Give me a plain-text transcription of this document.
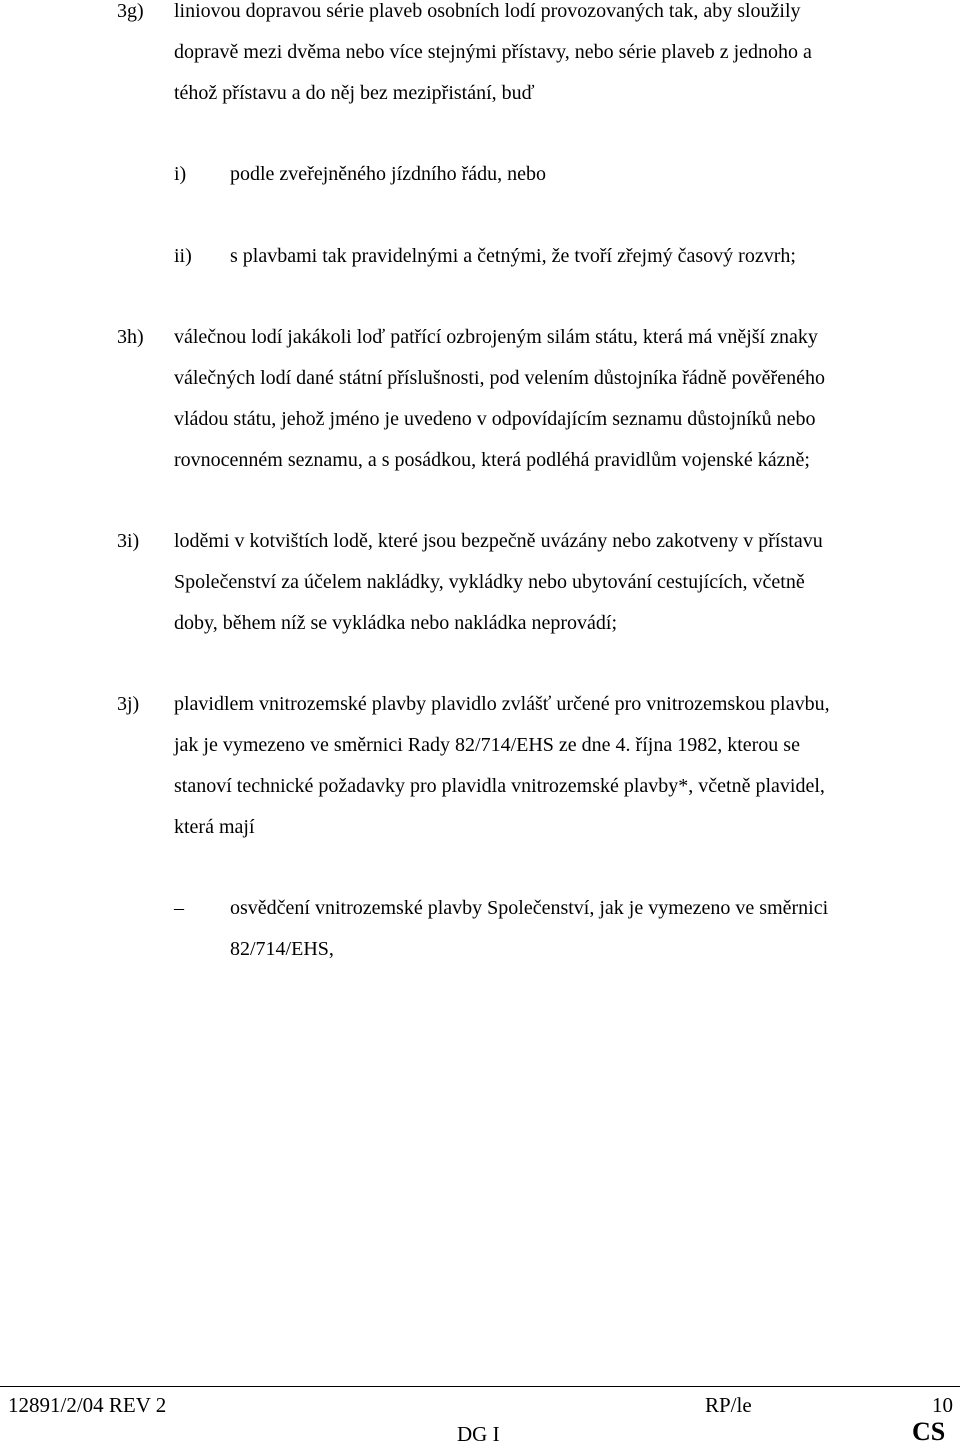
3g) liniovou dopravou série plaveb osobních lodí provozovaných tak, aby sloužily
dopravě mezi dvěma nebo více stejnými přístavy, nebo série plaveb z jednoho a
téhož přístavu a do něj bez mezipřistání, buď
i) podle zveřejněného jízdního řádu, nebo
ii) s plavbami tak pravidelnými a četnými, že tvoří zřejmý časový rozvrh;
3h) válečnou lodí jakákoli loď patřící ozbrojeným silám státu, která má vnější znaky
válečných lodí dané státní příslušnosti, pod velením důstojníka řádně pověřeného
vládou státu, jehož jméno je uvedeno v odpovídajícím seznamu důstojníků nebo
rovnocenném seznamu, a s posádkou, která podléhá pravidlům vojenské kázně;
3i) loděmi v kotvištích lodě, které jsou bezpečně uvázány nebo zakotveny v přístavu
Společenství za účelem nakládky, vykládky nebo ubytování cestujících, včetně
doby, během níž se vykládka nebo nakládka neprovádí;
3j) plavidlem vnitrozemské plavby plavidlo zvlášť určené pro vnitrozemskou plavbu,
jak je vymezeno ve směrnici Rady 82/714/EHS ze dne 4. října 1982, kterou se
stanoví technické požadavky pro plavidla vnitrozemské plavby*, včetně plavidel,
která mají
– osvědčení vnitrozemské plavby Společenství, jak je vymezeno ve směrnici
82/714/EHS,
12891/2/04 REV 2	RP/le	10
DG I	CS
